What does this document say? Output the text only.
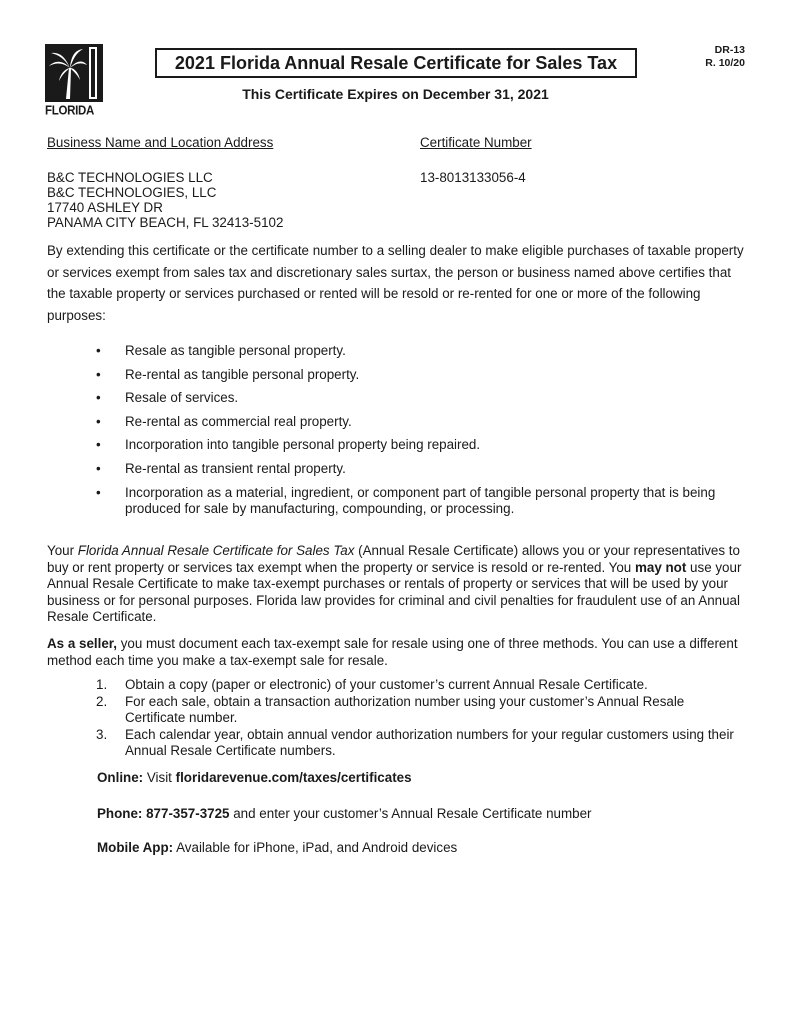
FLORIDA
2021 Florida Annual Resale Certificate for Sales Tax
DR-13
R. 10/20
This Certificate Expires on December 31, 2021
Business Name and Location Address	Certificate Number
B&C TECHNOLOGIES LLC
B&C TECHNOLOGIES, LLC
17740 ASHLEY DR
PANAMA CITY BEACH, FL 32413-5102
13-8013133056-4
By extending this certificate or the certificate number to a selling dealer to make eligible purchases of taxable property or services exempt from sales tax and discretionary sales surtax, the person or business named above certifies that the taxable property or services purchased or rented will be resold or re-rented for one or more of the following purposes:
• Resale as tangible personal property.
• Re-rental as tangible personal property.
• Resale of services.
• Re-rental as commercial real property.
• Incorporation into tangible personal property being repaired.
• Re-rental as transient rental property.
• Incorporation as a material, ingredient, or component part of tangible personal property that is being produced for sale by manufacturing, compounding, or processing.
Your Florida Annual Resale Certificate for Sales Tax (Annual Resale Certificate) allows you or your representatives to buy or rent property or services tax exempt when the property or service is resold or re-rented. You may not use your Annual Resale Certificate to make tax-exempt purchases or rentals of property or services that will be used by your business or for personal purposes. Florida law provides for criminal and civil penalties for fraudulent use of an Annual Resale Certificate.
As a seller, you must document each tax-exempt sale for resale using one of three methods. You can use a different method each time you make a tax-exempt sale for resale.
1. Obtain a copy (paper or electronic) of your customer’s current Annual Resale Certificate.
2. For each sale, obtain a transaction authorization number using your customer’s Annual Resale Certificate number.
3. Each calendar year, obtain annual vendor authorization numbers for your regular customers using their Annual Resale Certificate numbers.
Online: Visit floridarevenue.com/taxes/certificates
Phone: 877-357-3725 and enter your customer’s Annual Resale Certificate number
Mobile App: Available for iPhone, iPad, and Android devices
